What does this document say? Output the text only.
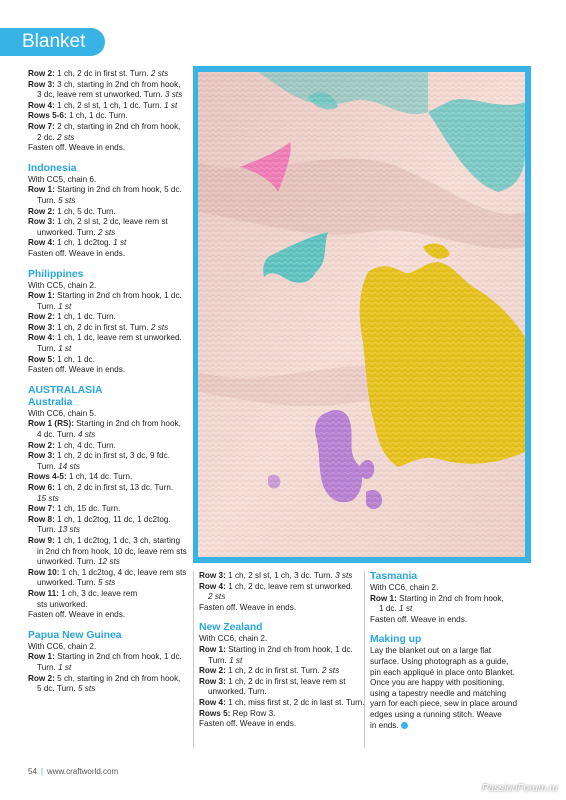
Blanket
Row 2: 1 ch, 2 dc in first st. Turn. 2 sts
Row 3: 3 ch, starting in 2nd ch from hook,
3 dc, leave rem st unworked. Turn. 3 sts
Row 4: 1 ch, 2 sl st, 1 ch, 1 dc. Turn. 1 st
Rows 5-6: 1 ch, 1 dc. Turn.
Row 7: 2 ch, starting in 2nd ch from hook,
2 dc. 2 sts
Fasten off. Weave in ends.
Indonesia
With CC5, chain 6.
Row 1: Starting in 2nd ch from hook, 5 dc.
Turn. 5 sts
Row 2: 1 ch, 5 dc. Turn.
Row 3: 1 ch, 2 sl st, 2 dc, leave rem st
unworked. Turn. 2 sts
Row 4: 1 ch, 1 dc2tog. 1 st
Fasten off. Weave in ends.
Philippines
With CC5, chain 2.
Row 1: Starting in 2nd ch from hook, 1 dc.
Turn. 1 st
Row 2: 1 ch, 1 dc. Turn.
Row 3: 1 ch, 2 dc in first st. Turn. 2 sts
Row 4: 1 ch, 1 dc, leave rem st unworked.
Turn. 1 st
Row 5: 1 ch, 1 dc.
Fasten off. Weave in ends.
AUSTRALASIA
Australia
With CC6, chain 5.
Row 1 (RS): Starting in 2nd ch from hook,
4 dc. Turn. 4 sts
Row 2: 1 ch, 4 dc. Turn.
Row 3: 1 ch, 2 dc in first st, 3 dc, 9 fdc.
Turn. 14 sts
Rows 4-5: 1 ch, 14 dc. Turn.
Row 6: 1 ch, 2 dc in first st, 13 dc. Turn.
15 sts
Row 7: 1 ch, 15 dc. Turn.
Row 8: 1 ch, 1 dc2tog, 11 dc, 1 dc2tog.
Turn. 13 sts
Row 9: 1 ch, 1 dc2tog, 1 dc, 3 ch, starting
in 2nd ch from hook, 10 dc, leave rem sts
unworked. Turn. 12 sts
Row 10: 1 ch, 1 dc2tog, 4 dc, leave rem sts
unworked. Turn. 5 sts
Row 11: 1 ch, 3 dc, leave rem
sts unworked.
Fasten off. Weave in ends.
Papua New Guinea
With CC6, chain 2.
Row 1: Starting in 2nd ch from hook, 1 dc.
Turn. 1 st
Row 2: 5 ch, starting in 2nd ch from hook,
5 dc. Turn. 5 sts
Row 3: 1 ch, 2 sl st, 1 ch, 3 dc. Turn. 3 sts
Row 4: 1 ch, 2 dc, leave rem st unworked.
2 sts
Fasten off. Weave in ends.
New Zealand
With CC6, chain 2.
Row 1: Starting in 2nd ch from hook, 1 dc.
Turn. 1 st
Row 2: 1 ch, 2 dc in first st. Turn. 2 sts
Row 3: 1 ch, 2 dc in first st, leave rem st
unworked. Turn.
Row 4: 1 ch, miss first st, 2 dc in last st. Turn.
Rows 5: Rep Row 3.
Fasten off. Weave in ends.
Tasmania
With CC6, chain 2.
Row 1: Starting in 2nd ch from hook,
1 dc. 1 st
Fasten off. Weave in ends.
Making up
Lay the blanket out on a large flat
surface. Using photograph as a guide,
pin each appliqué in place onto Blanket.
Once you are happy with positioning,
using a tapestry needle and matching
yarn for each piece, sew in place around
edges using a running stitch. Weave
in ends.
54 | www.craftworld.com
PassionForum.ru
